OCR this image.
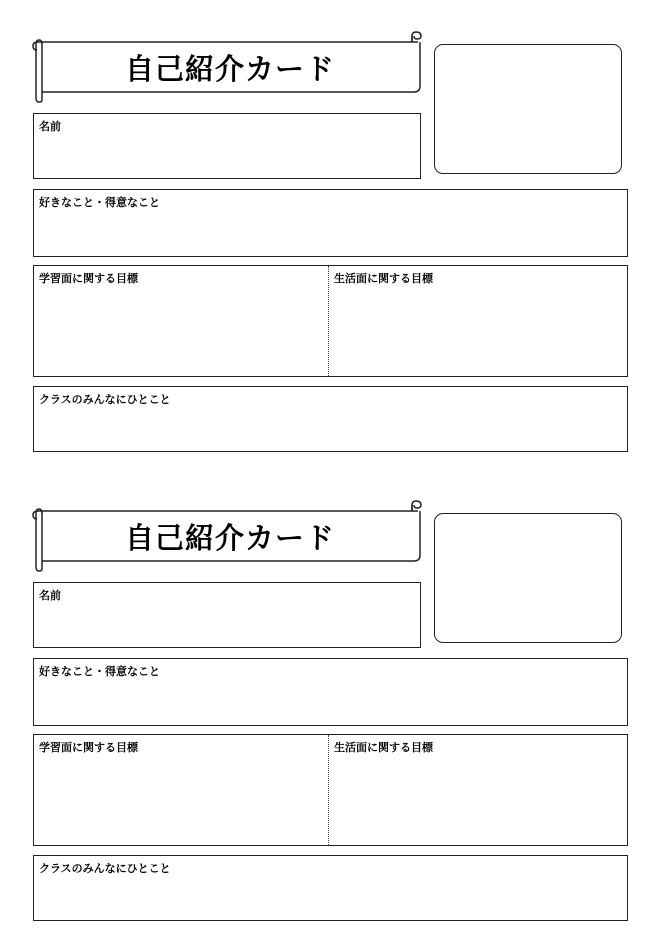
自己紹介カード
名前
好きなこと・得意なこと
学習面に関する目標	生活面に関する目標
クラスのみんなにひとこと
自己紹介カード
名前
好きなこと・得意なこと
学習面に関する目標	生活面に関する目標
クラスのみんなにひとこと
